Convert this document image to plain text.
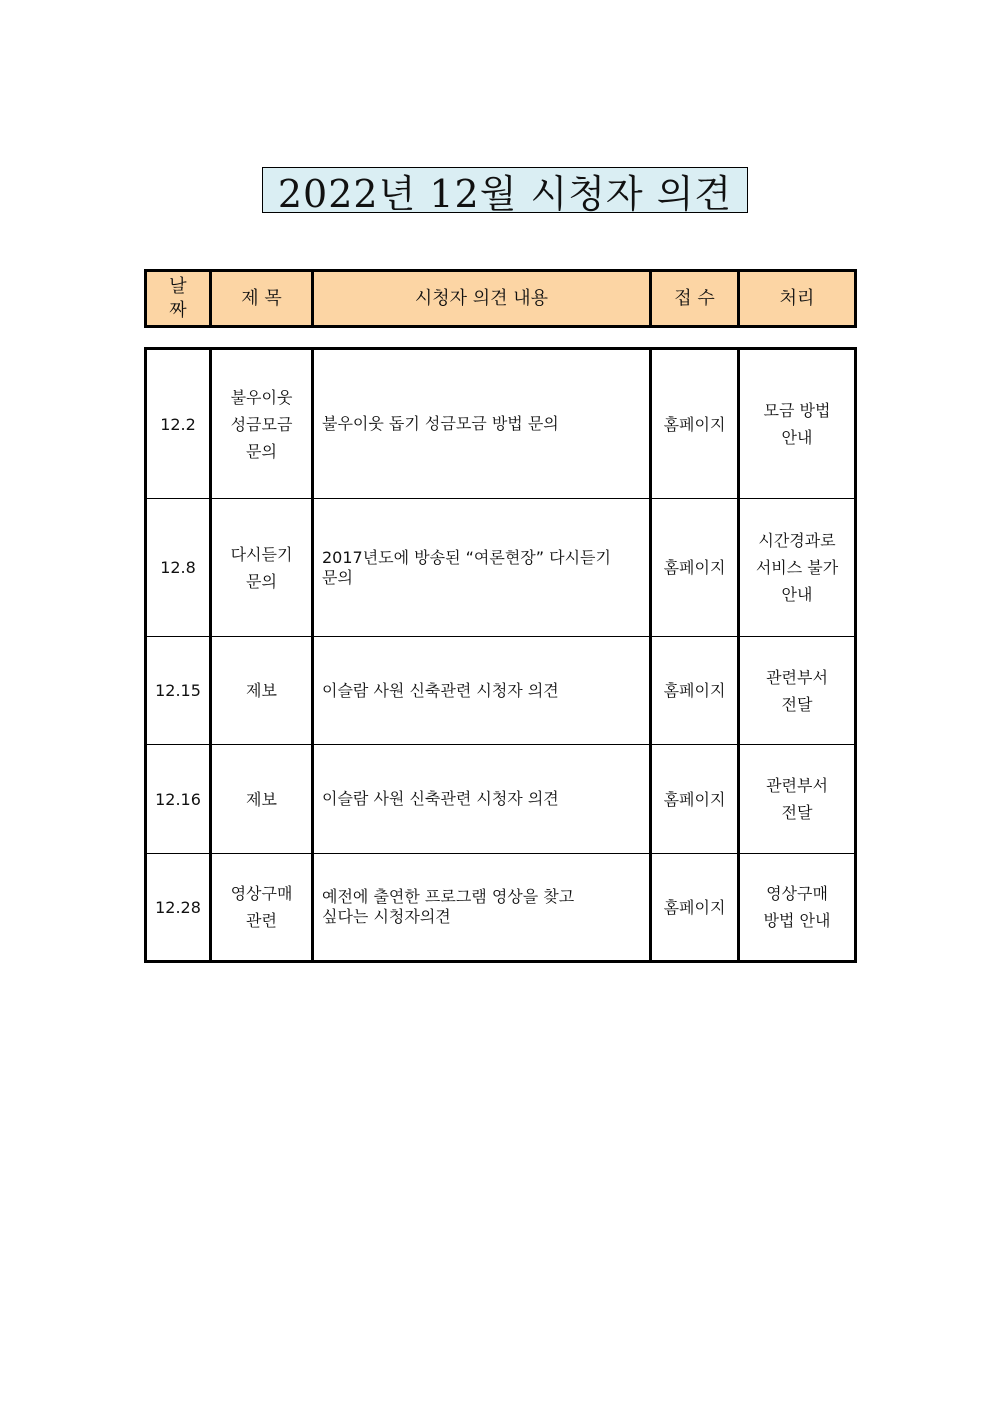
2022년 12월 시청자 의견
날
짜	제 목	시청자 의견 내용	접 수	처리
12.2	불우이웃
성금모금
문의	불우이웃 돕기 성금모금 방법 문의	홈페이지	모금 방법
안내
12.8	다시듣기
문의	2017년도에 방송된 “여론현장” 다시듣기
문의	홈페이지	시간경과로
서비스 불가
안내
12.15	제보	이슬람 사원 신축관련 시청자 의견	홈페이지	관련부서
전달
12.16	제보	이슬람 사원 신축관련 시청자 의견	홈페이지	관련부서
전달
12.28	영상구매
관련	예전에 출연한 프로그램 영상을 찾고
싶다는 시청자의견	홈페이지	영상구매
방법 안내
